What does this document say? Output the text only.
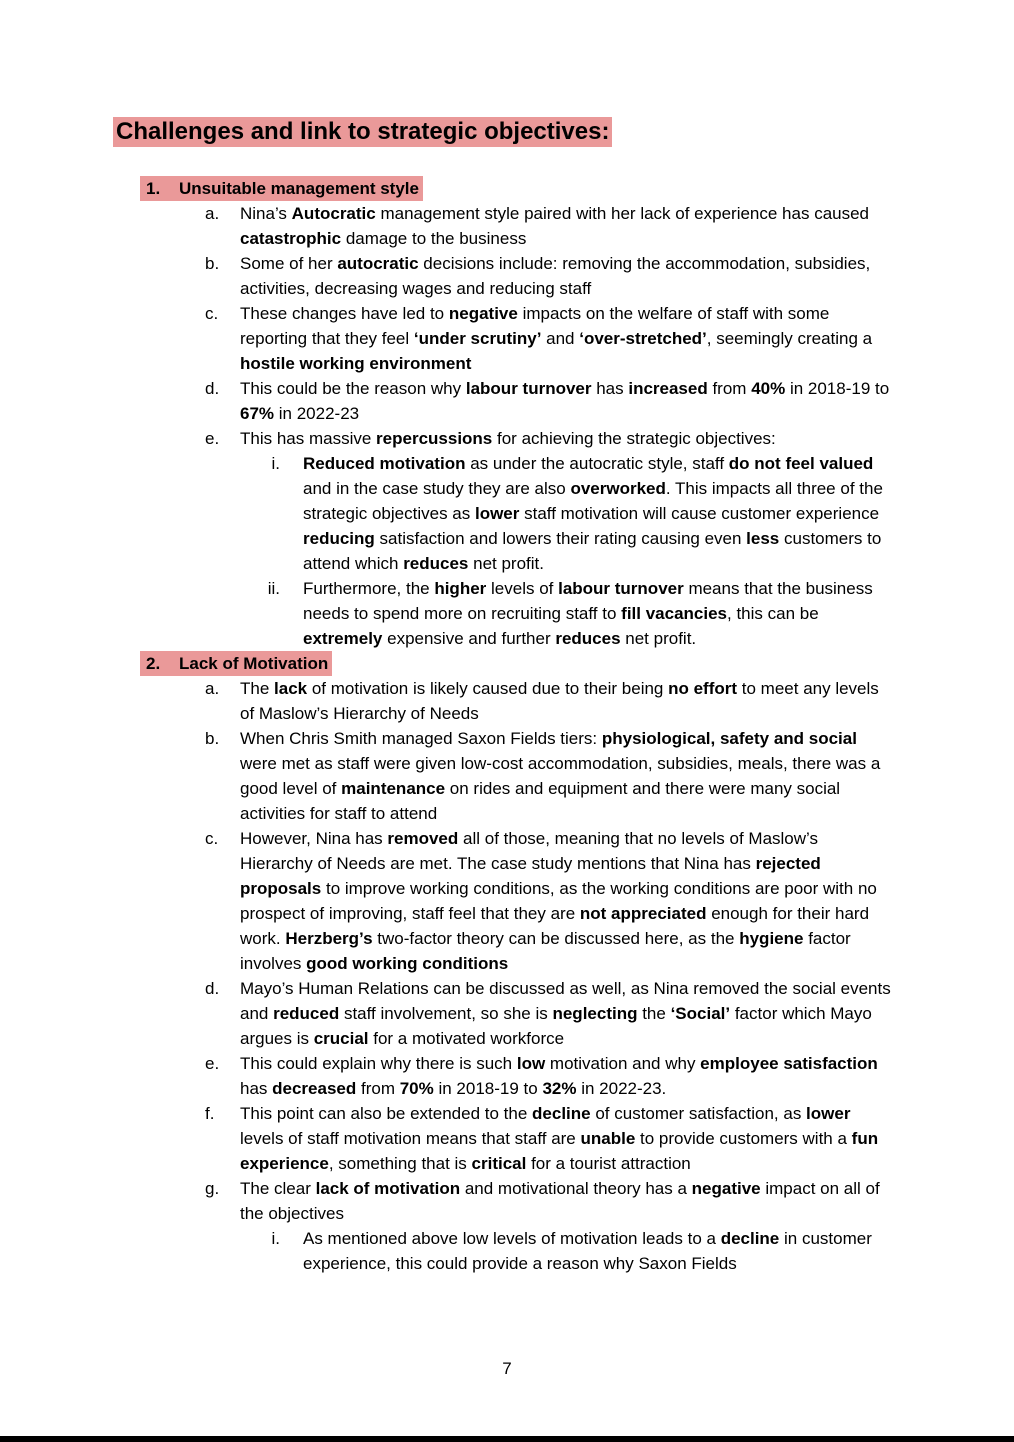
Challenges and link to strategic objectives:
1.	Unsuitable management style
a.	Nina’s Autocratic management style paired with her lack of experience has caused catastrophic damage to the business
b.	Some of her autocratic decisions include: removing the accommodation, subsidies, activities, decreasing wages and reducing staff
c.	These changes have led to negative impacts on the welfare of staff with some reporting that they feel ‘under scrutiny’ and ‘over-stretched’, seemingly creating a hostile working environment
d.	This could be the reason why labour turnover has increased from 40% in 2018-19 to 67% in 2022-23
e.	This has massive repercussions for achieving the strategic objectives:
i. Reduced motivation as under the autocratic style, staff do not feel valued and in the case study they are also overworked. This impacts all three of the strategic objectives as lower staff motivation will cause customer experience reducing satisfaction and lowers their rating causing even less customers to attend which reduces net profit.
ii. Furthermore, the higher levels of labour turnover means that the business needs to spend more on recruiting staff to fill vacancies, this can be extremely expensive and further reduces net profit.
2.	Lack of Motivation
a.	The lack of motivation is likely caused due to their being no effort to meet any levels of Maslow’s Hierarchy of Needs
b.	When Chris Smith managed Saxon Fields tiers: physiological, safety and social were met as staff were given low-cost accommodation, subsidies, meals, there was a good level of maintenance on rides and equipment and there were many social activities for staff to attend
c.	However, Nina has removed all of those, meaning that no levels of Maslow’s Hierarchy of Needs are met. The case study mentions that Nina has rejected proposals to improve working conditions, as the working conditions are poor with no prospect of improving, staff feel that they are not appreciated enough for their hard work. Herzberg’s two-factor theory can be discussed here, as the hygiene factor involves good working conditions
d.	Mayo’s Human Relations can be discussed as well, as Nina removed the social events and reduced staff involvement, so she is neglecting the ‘Social’ factor which Mayo argues is crucial for a motivated workforce
e.	This could explain why there is such low motivation and why employee satisfaction has decreased from 70% in 2018-19 to 32% in 2022-23.
f.	This point can also be extended to the decline of customer satisfaction, as lower levels of staff motivation means that staff are unable to provide customers with a fun experience, something that is critical for a tourist attraction
g.	The clear lack of motivation and motivational theory has a negative impact on all of the objectives
i. As mentioned above low levels of motivation leads to a decline in customer experience, this could provide a reason why Saxon Fields
7
